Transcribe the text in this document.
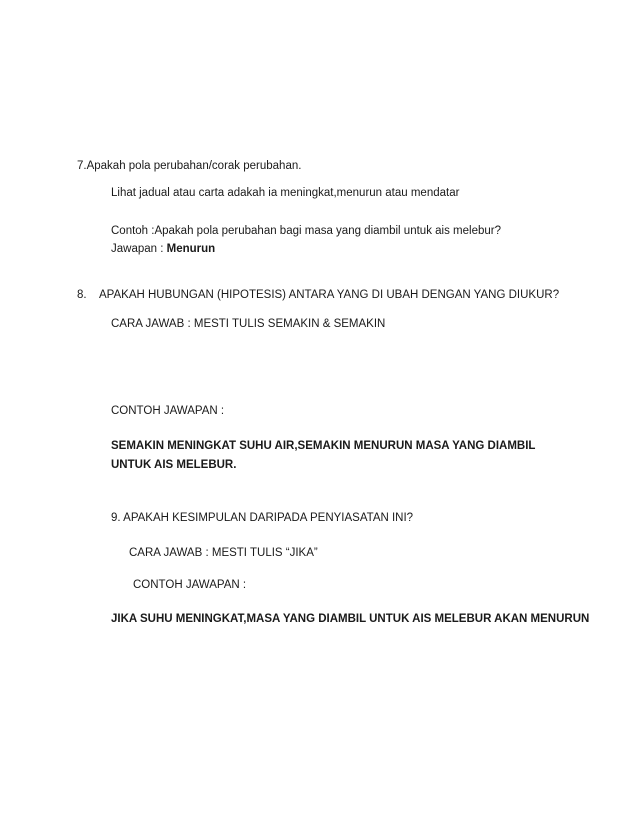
7.Apakah pola perubahan/corak perubahan.
Lihat jadual atau carta adakah ia meningkat,menurun atau mendatar
Contoh :Apakah pola perubahan bagi masa yang diambil untuk ais melebur?
Jawapan : Menurun
8. APAKAH HUBUNGAN (HIPOTESIS) ANTARA YANG DI UBAH DENGAN YANG DIUKUR?
CARA JAWAB : MESTI TULIS SEMAKIN & SEMAKIN
CONTOH JAWAPAN :
SEMAKIN MENINGKAT SUHU AIR,SEMAKIN MENURUN MASA YANG DIAMBIL UNTUK AIS MELEBUR.
9. APAKAH KESIMPULAN DARIPADA PENYIASATAN INI?
CARA JAWAB : MESTI TULIS “JIKA”
CONTOH JAWAPAN :
JIKA SUHU MENINGKAT,MASA YANG DIAMBIL UNTUK AIS MELEBUR AKAN MENURUN
